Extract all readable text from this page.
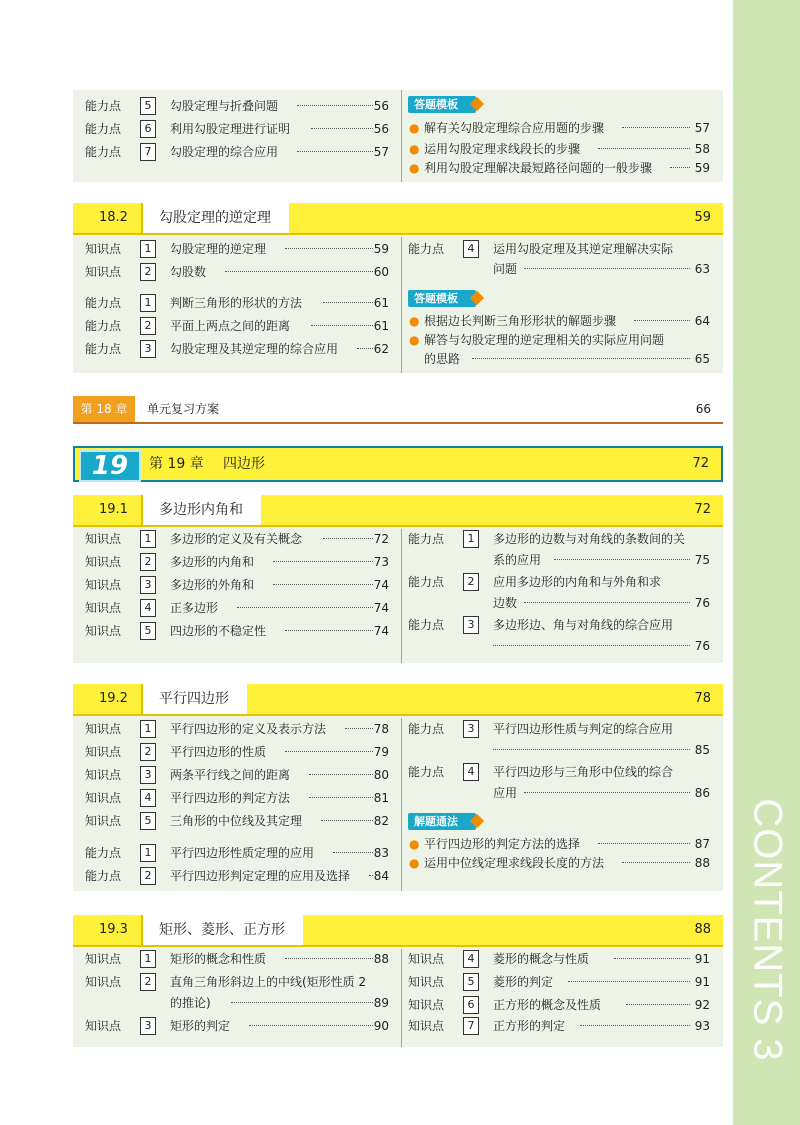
CONTENTS 3
能力点	5	勾股定理与折叠问题	56
能力点	6	利用勾股定理进行证明	56
能力点	7	勾股定理的综合应用	57
答题模板
● 解有关勾股定理综合应用题的步骤	57
● 运用勾股定理求线段长的步骤	58
● 利用勾股定理解决最短路径问题的一般步骤	59
18.2	勾股定理的逆定理	59
知识点	1	勾股定理的逆定理	59
知识点	2	勾股数	60
能力点	1	判断三角形的形状的方法	61
能力点	2	平面上两点之间的距离	61
能力点	3	勾股定理及其逆定理的综合应用	62
能力点	4	运用勾股定理及其逆定理解决实际
问题	63
答题模板
● 根据边长判断三角形形状的解题步骤	64
● 解答与勾股定理的逆定理相关的实际应用问题
的思路	65
第 18 章	单元复习方案	66
19	第 19 章 四边形	72
19.1	多边形内角和	72
知识点	1	多边形的定义及有关概念	72
知识点	2	多边形的内角和	73
知识点	3	多边形的外角和	74
知识点	4	正多边形	74
知识点	5	四边形的不稳定性	74
能力点	1	多边形的边数与对角线的条数间的关
系的应用	75
能力点	2	应用多边形的内角和与外角和求
边数	76
能力点	3	多边形边、角与对角线的综合应用
76
19.2	平行四边形	78
知识点	1	平行四边形的定义及表示方法	78
知识点	2	平行四边形的性质	79
知识点	3	两条平行线之间的距离	80
知识点	4	平行四边形的判定方法	81
知识点	5	三角形的中位线及其定理	82
能力点	1	平行四边形性质定理的应用	83
能力点	2	平行四边形判定定理的应用及选择 84
能力点	3	平行四边形性质与判定的综合应用
85
能力点	4	平行四边形与三角形中位线的综合
应用	86
解题通法
● 平行四边形的判定方法的选择	87
● 运用中位线定理求线段长度的方法	88
19.3	矩形、菱形、正方形	88
知识点	1	矩形的概念和性质	88
知识点	2	直角三角形斜边上的中线(矩形性质 2
的推论)	89
知识点	3	矩形的判定	90
知识点	4	菱形的概念与性质	91
知识点	5	菱形的判定	91
知识点	6	正方形的概念及性质	92
知识点	7	正方形的判定	93
